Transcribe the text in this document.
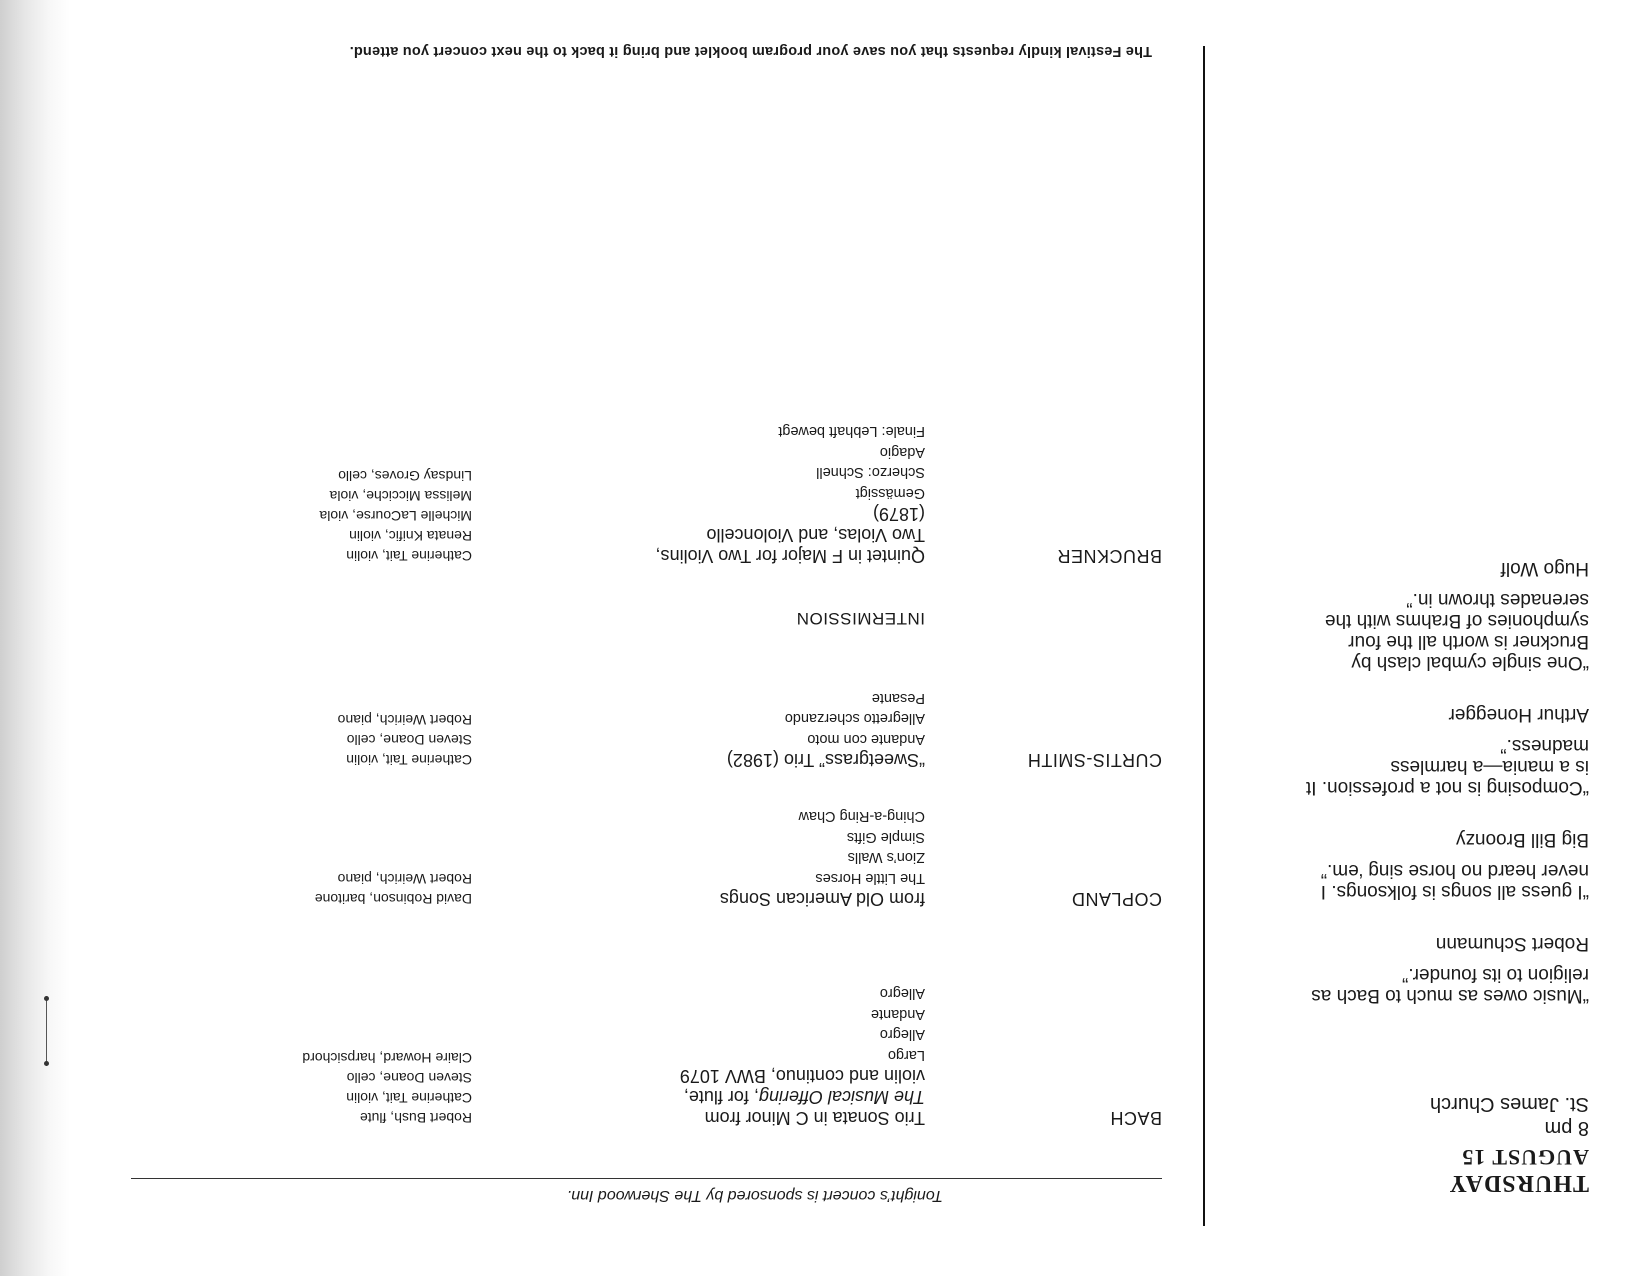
THURSDAY
AUGUST 15
8 pm
St. James Church
“Music owes as much to Bach as religion to its founder.”
Robert Schumann
“I guess all songs is folksongs. I never heard no horse sing ‘em.”
Big Bill Broonzy
“Composing is not a profession. It is a mania—a harmless madness.”
Arthur Honegger
“One single cymbal clash by Bruckner is worth all the four symphonies of Brahms with the serenades thrown in.”
Hugo Wolf
Tonight’s concert is sponsored by The Sherwood Inn.
BACH
Trio Sonata in C Minor from
The Musical Offering, for flute,
violin and continuo, BWV 1079
Largo
Allegro
Andante
Allegro
Robert Bush, flute
Catherine Tait, violin
Steven Doane, cello
Claire Howard, harpsichord
COPLAND
from Old American Songs
The Little Horses
Zion’s Walls
Simple Gifts
Ching-a-Ring Chaw
David Robinson, baritone
Robert Weirich, piano
CURTIS-SMITH
“Sweetgrass” Trio (1982)
Andante con moto
Allegretto scherzando
Pesante
Catherine Tait, violin
Steven Doane, cello
Robert Weirich, piano
INTERMISSION
BRUCKNER
Quintet in F Major for Two Violins,
Two Violas, and Violoncello
(1879)
Gemässigt
Scherzo: Schnell
Adagio
Finale: Lebhaft bewegt
Catherine Tait, violin
Renata Knific, violin
Michelle LaCourse, viola
Melissa Micciche, viola
Lindsay Groves, cello
The Festival kindly requests that you save your program booklet and bring it back to the next concert you attend.
